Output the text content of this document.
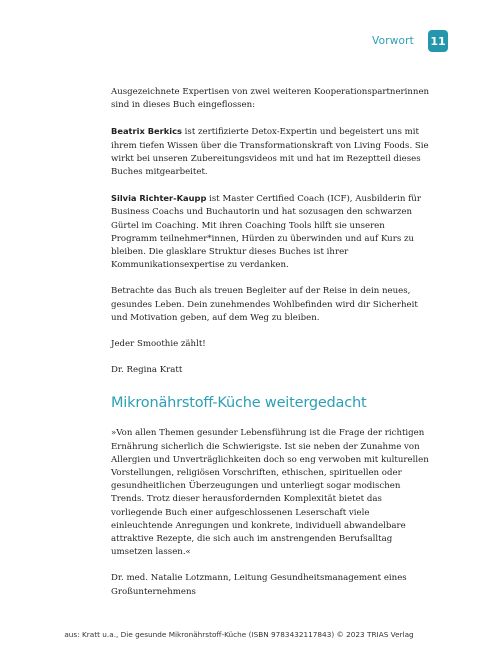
Vorwort 11

Ausgezeichnete Expertisen von zwei weiteren Kooperationspartnerinnen sind in dieses Buch eingeflossen:

Beatrix Berkics ist zertifizierte Detox-Expertin und begeistert uns mit ihrem tiefen Wissen über die Transformationskraft von Living Foods. Sie wirkt bei unseren Zubereitungsvideos mit und hat im Rezeptteil dieses Buches mitgearbeitet.

Silvia Richter-Kaupp ist Master Certified Coach (ICF), Ausbilderin für Business Coachs und Buchautorin und hat sozusagen den schwarzen Gürtel im Coaching. Mit ihren Coaching Tools hilft sie unseren Programm teilnehmer*innen, Hürden zu überwinden und auf Kurs zu bleiben. Die glasklare Struktur dieses Buches ist ihrer Kommunikationsexpertise zu verdanken.

Betrachte das Buch als treuen Begleiter auf der Reise in dein neues, gesundes Leben. Dein zunehmendes Wohlbefinden wird dir Sicherheit und Motivation geben, auf dem Weg zu bleiben.

Jeder Smoothie zählt!

Dr. Regina Kratt

Mikronährstoff-Küche weitergedacht

»Von allen Themen gesunder Lebensführung ist die Frage der richtigen Ernährung sicherlich die Schwierigste. Ist sie neben der Zunahme von Allergien und Unverträglichkeiten doch so eng verwoben mit kulturellen Vorstellungen, religiösen Vorschriften, ethischen, spirituellen oder gesundheitlichen Überzeugungen und unterliegt sogar modischen Trends. Trotz dieser herausfordernden Komplexität bietet das vorliegende Buch einer aufgeschlossenen Leserschaft viele einleuchtende Anregungen und konkrete, individuell abwandelbare attraktive Rezepte, die sich auch im anstrengenden Berufsalltag umsetzen lassen.«

Dr. med. Natalie Lotzmann, Leitung Gesundheitsmanagement eines Großunternehmens

aus: Kratt u.a., Die gesunde Mikronährstoff-Küche (ISBN 9783432117843) © 2023 TRIAS Verlag
